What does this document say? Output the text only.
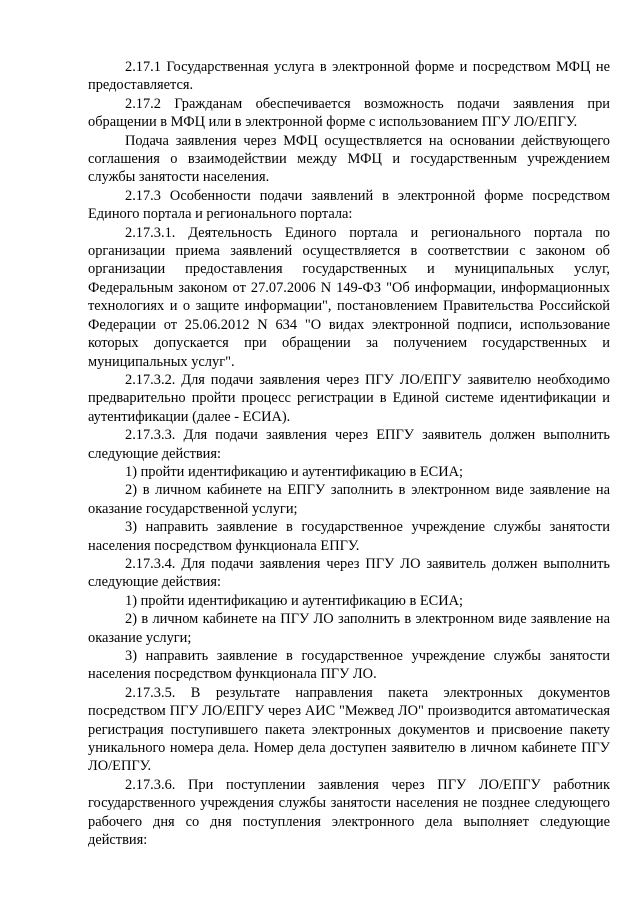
2.17.1 Государственная услуга в электронной форме и посредством МФЦ не предоставляется.

2.17.2 Гражданам обеспечивается возможность подачи заявления при обращении в МФЦ или в электронной форме с использованием ПГУ ЛО/ЕПГУ.

Подача заявления через МФЦ осуществляется на основании действующего соглашения о взаимодействии между МФЦ и государственным учреждением службы занятости населения.

2.17.3 Особенности подачи заявлений в электронной форме посредством Единого портала и регионального портала:

2.17.3.1. Деятельность Единого портала и регионального портала по организации приема заявлений осуществляется в соответствии с законом об организации предоставления государственных и муниципальных услуг, Федеральным законом от 27.07.2006 N 149-ФЗ "Об информации, информационных технологиях и о защите информации", постановлением Правительства Российской Федерации от 25.06.2012 N 634 "О видах электронной подписи, использование которых допускается при обращении за получением государственных и муниципальных услуг".

2.17.3.2. Для подачи заявления через ПГУ ЛО/ЕПГУ заявителю необходимо предварительно пройти процесс регистрации в Единой системе идентификации и аутентификации (далее - ЕСИА).

2.17.3.3. Для подачи заявления через ЕПГУ заявитель должен выполнить следующие действия:

1) пройти идентификацию и аутентификацию в ЕСИА;

2) в личном кабинете на ЕПГУ заполнить в электронном виде заявление на оказание государственной услуги;

3) направить заявление в государственное учреждение службы занятости населения посредством функционала ЕПГУ.

2.17.3.4. Для подачи заявления через ПГУ ЛО заявитель должен выполнить следующие действия:

1) пройти идентификацию и аутентификацию в ЕСИА;

2) в личном кабинете на ПГУ ЛО заполнить в электронном виде заявление на оказание услуги;

3) направить заявление в государственное учреждение службы занятости населения посредством функционала ПГУ ЛО.

2.17.3.5. В результате направления пакета электронных документов посредством ПГУ ЛО/ЕПГУ через АИС "Межвед ЛО" производится автоматическая регистрация поступившего пакета электронных документов и присвоение пакету уникального номера дела. Номер дела доступен заявителю в личном кабинете ПГУ ЛО/ЕПГУ.

2.17.3.6. При поступлении заявления через ПГУ ЛО/ЕПГУ работник государственного учреждения службы занятости населения не позднее следующего рабочего дня со дня поступления электронного дела выполняет следующие действия:
